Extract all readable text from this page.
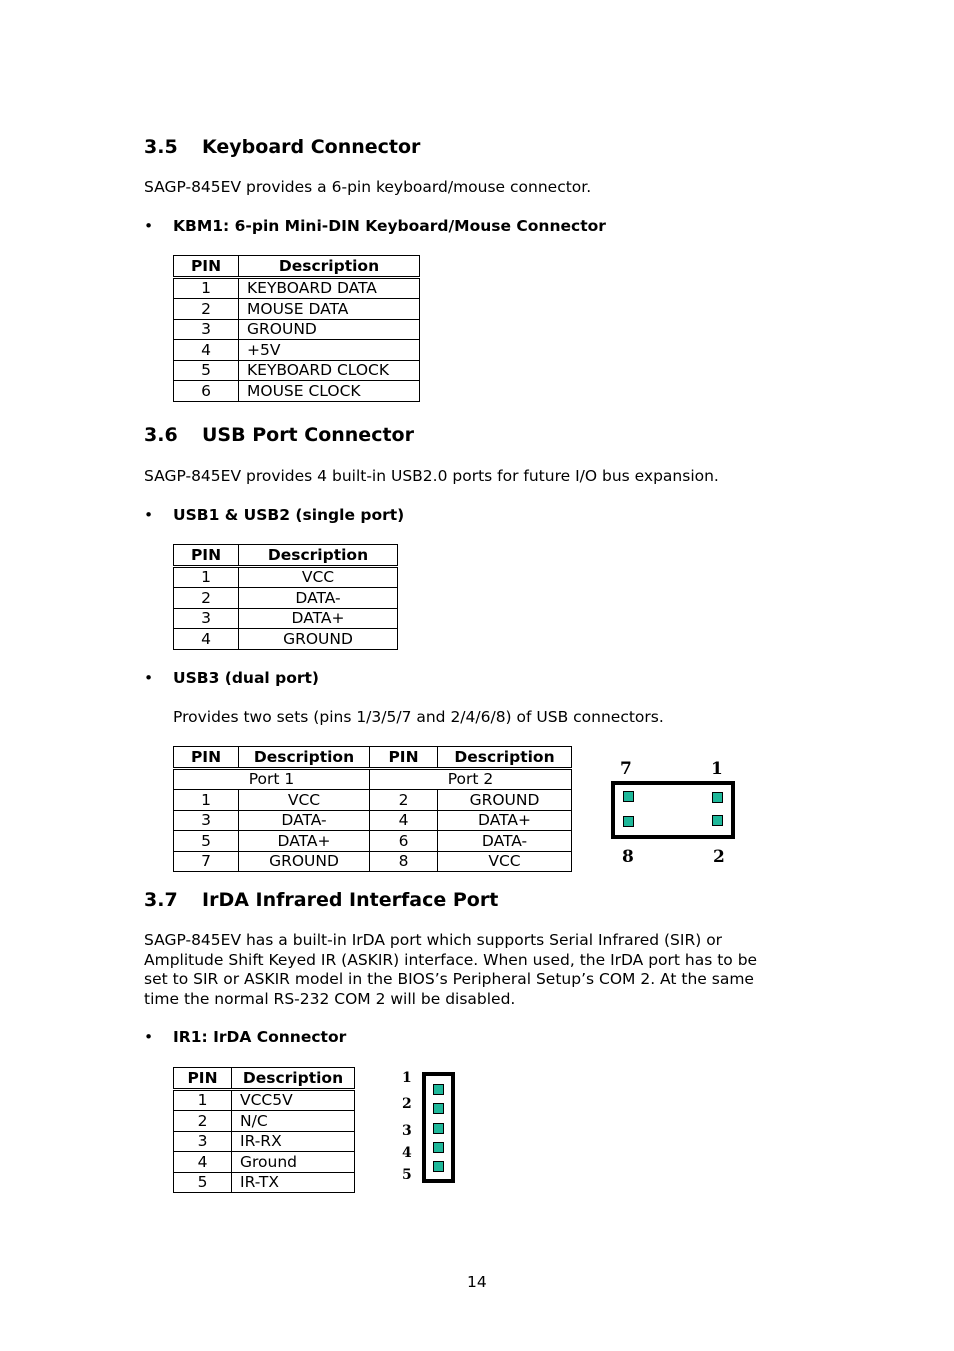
3.5 Keyboard Connector
SAGP-845EV provides a 6-pin keyboard/mouse connector.
• KBM1: 6-pin Mini-DIN Keyboard/Mouse Connector
PIN	Description
1	KEYBOARD DATA
2	MOUSE DATA
3	GROUND
4	+5V
5	KEYBOARD CLOCK
6	MOUSE CLOCK
3.6 USB Port Connector
SAGP-845EV provides 4 built-in USB2.0 ports for future I/O bus expansion.
• USB1 & USB2 (single port)
PIN	Description
1	VCC
2	DATA-
3	DATA+
4	GROUND
• USB3 (dual port)
Provides two sets (pins 1/3/5/7 and 2/4/6/8) of USB connectors.
PIN	Description	PIN	Description
Port 1		Port 2	
1	VCC	2	GROUND
3	DATA-	4	DATA+
5	DATA+	6	DATA-
7	GROUND	8	VCC
7	1
8	2
3.7 IrDA Infrared Interface Port
SAGP-845EV has a built-in IrDA port which supports Serial Infrared (SIR) or
Amplitude Shift Keyed IR (ASKIR) interface. When used, the IrDA port has to be
set to SIR or ASKIR model in the BIOS’s Peripheral Setup’s COM 2. At the same
time the normal RS-232 COM 2 will be disabled.
• IR1: IrDA Connector
PIN	Description
1	VCC5V
2	N/C
3	IR-RX
4	Ground
5	IR-TX
1
2
3
4
5
14
